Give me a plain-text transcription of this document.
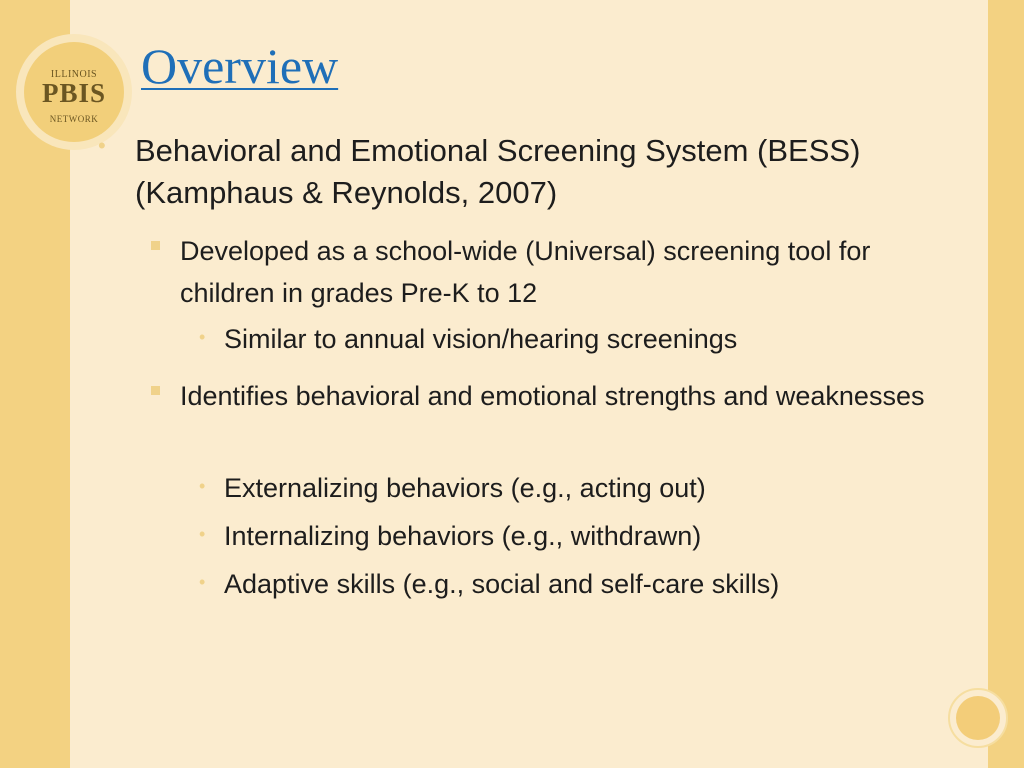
ILLINOIS
PBIS
NETWORK
Overview
• Behavioral and Emotional Screening System (BESS) (Kamphaus & Reynolds, 2007)

Developed as a school-wide (Universal) screening tool for children in grades Pre-K to 12

• Similar to annual vision/hearing screenings

Identifies behavioral and emotional strengths and weaknesses

• Externalizing behaviors (e.g., acting out)

• Internalizing behaviors (e.g., withdrawn)

• Adaptive skills (e.g., social and self-care skills)
